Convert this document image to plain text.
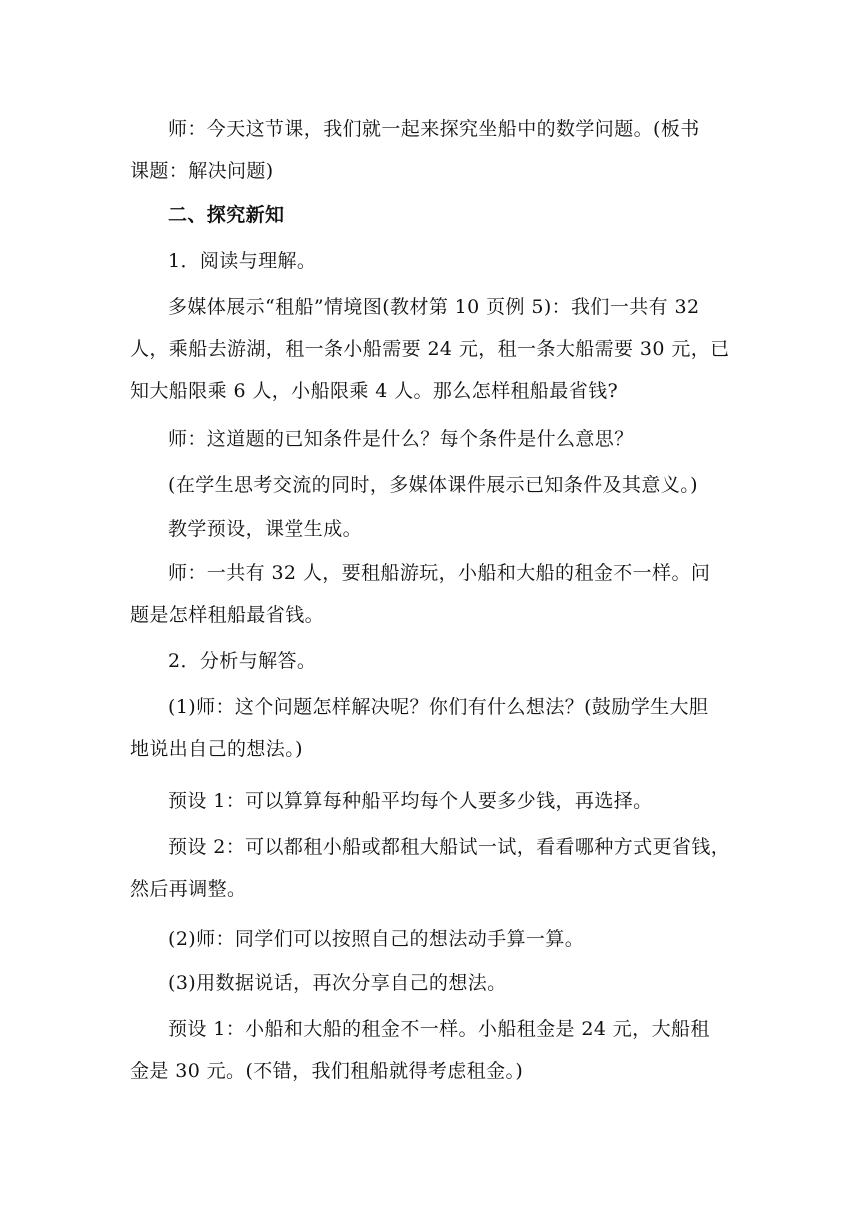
师：今天这节课，我们就一起来探究坐船中的数学问题。(板书
课题：解决问题)
二、探究新知
1．阅读与理解。
多媒体展示“租船”情境图(教材第 10 页例 5)：我们一共有 32
人，乘船去游湖，租一条小船需要 24 元，租一条大船需要 30 元，已
知大船限乘 6 人，小船限乘 4 人。那么怎样租船最省钱?
师：这道题的已知条件是什么？每个条件是什么意思？
(在学生思考交流的同时，多媒体课件展示已知条件及其意义。)
教学预设，课堂生成。
师：一共有 32 人，要租船游玩，小船和大船的租金不一样。问
题是怎样租船最省钱。
2．分析与解答。
(1)师：这个问题怎样解决呢？你们有什么想法？(鼓励学生大胆
地说出自己的想法。)
预设 1：可以算算每种船平均每个人要多少钱，再选择。
预设 2：可以都租小船或都租大船试一试，看看哪种方式更省钱，
然后再调整。
(2)师：同学们可以按照自己的想法动手算一算。
(3)用数据说话，再次分享自己的想法。
预设 1：小船和大船的租金不一样。小船租金是 24 元，大船租
金是 30 元。(不错，我们租船就得考虑租金。)
